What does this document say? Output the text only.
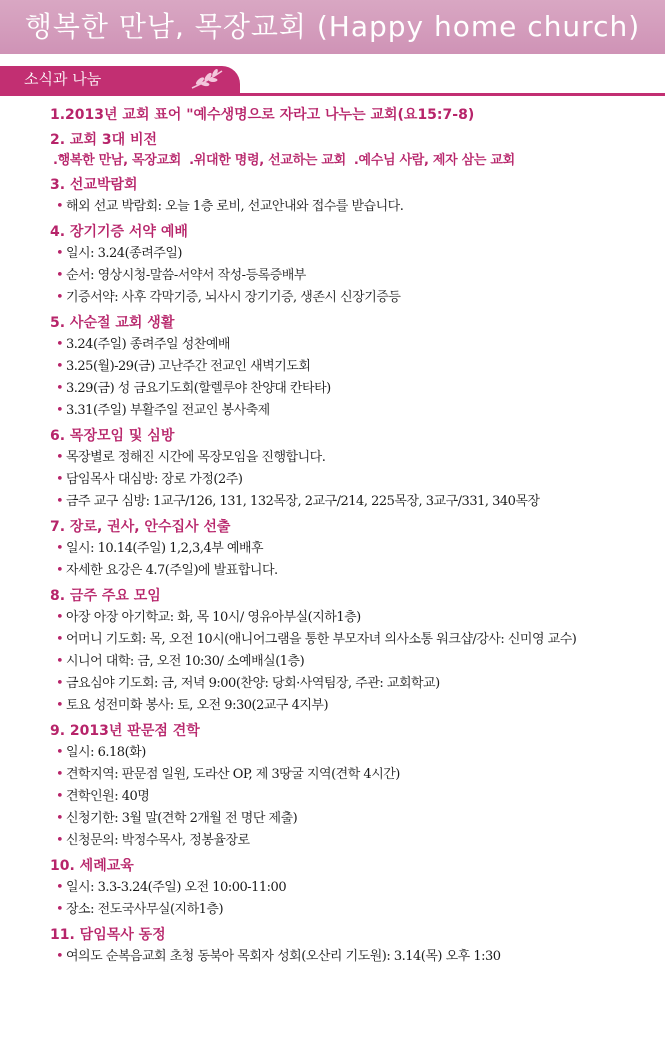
행복한 만남, 목장교회 (Happy home church)
소식과 나눔
1.2013년 교회 표어 "예수생명으로 자라고 나누는 교회(요15:7-8)
2. 교회 3대 비전
.행복한 만남, 목장교회 .위대한 명령, 선교하는 교회 .예수님 사람, 제자 삼는 교회
3. 선교박람회
• 해외 선교 박람회: 오늘 1층 로비, 선교안내와 접수를 받습니다.
4. 장기기증 서약 예배
• 일시: 3.24(종려주일)
• 순서: 영상시청-말씀-서약서 작성-등록증배부
• 기증서약: 사후 각막기증, 뇌사시 장기기증, 생존시 신장기증등
5. 사순절 교회 생활
• 3.24(주일) 종려주일 성찬예배
• 3.25(월)-29(금) 고난주간 전교인 새벽기도회
• 3.29(금) 성 금요기도회(할렐루야 찬양대 칸타타)
• 3.31(주일) 부활주일 전교인 봉사축제
6. 목장모임 및 심방
• 목장별로 정해진 시간에 목장모임을 진행합니다.
• 담임목사 대심방: 장로 가정(2주)
• 금주 교구 심방: 1교구/126, 131, 132목장, 2교구/214, 225목장, 3교구/331, 340목장
7. 장로, 권사, 안수집사 선출
• 일시: 10.14(주일) 1,2,3,4부 예배후
• 자세한 요강은 4.7(주일)에 발표합니다.
8. 금주 주요 모임
• 아장 아장 아기학교: 화, 목 10시/ 영유아부실(지하1층)
• 어머니 기도회: 목, 오전 10시(애니어그램을 통한 부모자녀 의사소통 워크샵/강사: 신미영 교수)
• 시니어 대학: 금, 오전 10:30/ 소예배실(1층)
• 금요심야 기도회: 금, 저녁 9:00(찬양: 당회·사역팀장, 주관: 교회학교)
• 토요 성전미화 봉사: 토, 오전 9:30(2교구 4지부)
9. 2013년 판문점 견학
• 일시: 6.18(화)
• 견학지역: 판문점 일원, 도라산 OP, 제 3땅굴 지역(견학 4시간)
• 견학인원: 40명
• 신청기한: 3월 말(견학 2개월 전 명단 제출)
• 신청문의: 박정수목사, 정봉율장로
10. 세례교육
• 일시: 3.3-3.24(주일) 오전 10:00-11:00
• 장소: 전도국사무실(지하1층)
11. 담임목사 동정
• 여의도 순복음교회 초청 동북아 목회자 성회(오산리 기도원): 3.14(목) 오후 1:30
